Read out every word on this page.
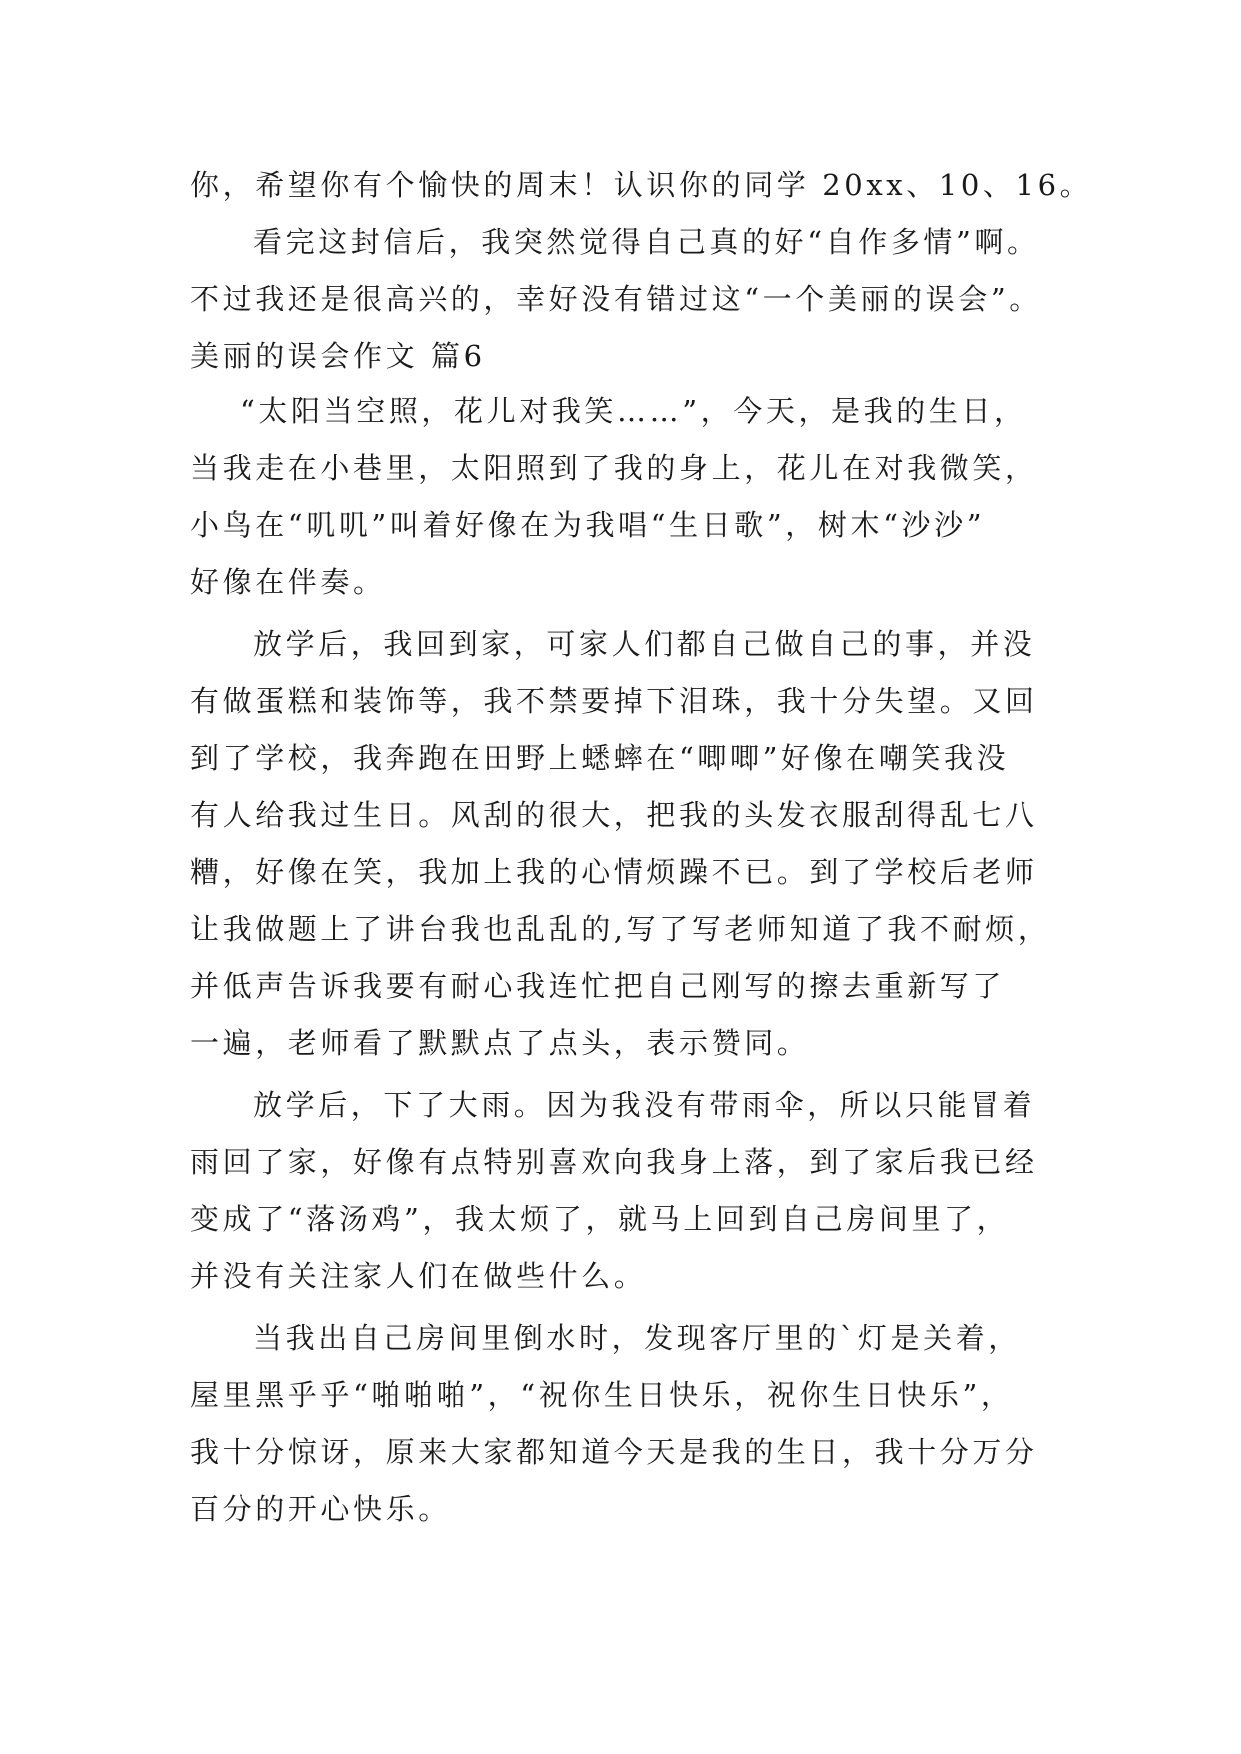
你，希望你有个愉快的周末！认识你的同学 20xx、10、16。
看完这封信后，我突然觉得自己真的好“自作多情”啊。
不过我还是很高兴的，幸好没有错过这“一个美丽的误会”。
美丽的误会作文 篇6
“太阳当空照，花儿对我笑……”，今天，是我的生日，
当我走在小巷里，太阳照到了我的身上，花儿在对我微笑，
小鸟在“叽叽”叫着好像在为我唱“生日歌”，树木“沙沙”
好像在伴奏。
放学后，我回到家，可家人们都自己做自己的事，并没
有做蛋糕和装饰等，我不禁要掉下泪珠，我十分失望。又回
到了学校，我奔跑在田野上蟋蟀在“唧唧”好像在嘲笑我没
有人给我过生日。风刮的很大，把我的头发衣服刮得乱七八
糟，好像在笑，我加上我的心情烦躁不已。到了学校后老师
让我做题上了讲台我也乱乱的,写了写老师知道了我不耐烦，
并低声告诉我要有耐心我连忙把自己刚写的擦去重新写了
一遍，老师看了默默点了点头，表示赞同。
放学后，下了大雨。因为我没有带雨伞，所以只能冒着
雨回了家，好像有点特别喜欢向我身上落，到了家后我已经
变成了“落汤鸡”，我太烦了，就马上回到自己房间里了，
并没有关注家人们在做些什么。
当我出自己房间里倒水时，发现客厅里的`灯是关着，
屋里黑乎乎“啪啪啪”，“祝你生日快乐，祝你生日快乐”，
我十分惊讶，原来大家都知道今天是我的生日，我十分万分
百分的开心快乐。
